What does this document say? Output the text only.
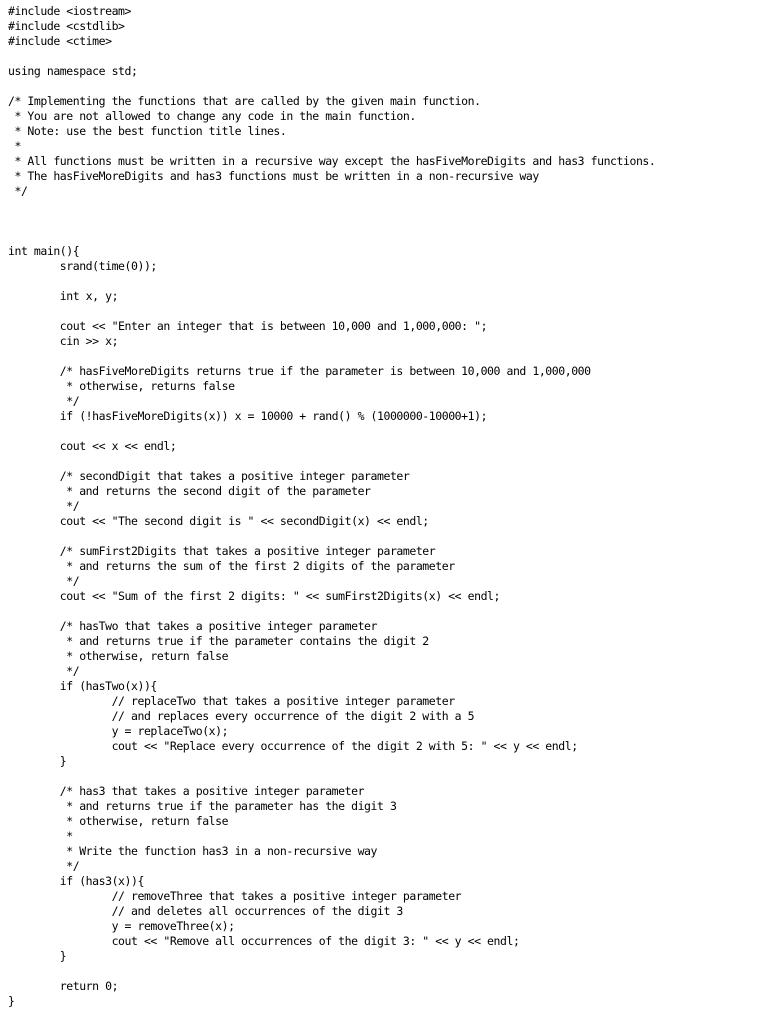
#include <iostream>
#include <cstdlib>
#include <ctime>
using namespace std;
/* Implementing the functions that are called by the given main function.
* You are not allowed to change any code in the main function.
* Note: use the best function title lines.
*
* All functions must be written in a recursive way except the hasFiveMoreDigits and has3 functions.
* The hasFiveMoreDigits and has3 functions must be written in a non-recursive way
*/
int main(){
srand(time(0));
int x, y;
cout << "Enter an integer that is between 10,000 and 1,000,000: ";
cin >> x;
/* hasFiveMoreDigits returns true if the parameter is between 10,000 and 1,000,000
* otherwise, returns false
*/
if (!hasFiveMoreDigits(x)) x = 10000 + rand() % (1000000-10000+1);
cout << x << endl;
/* secondDigit that takes a positive integer parameter
* and returns the second digit of the parameter
*/
cout << "The second digit is " << secondDigit(x) << endl;
/* sumFirst2Digits that takes a positive integer parameter
* and returns the sum of the first 2 digits of the parameter
*/
cout << "Sum of the first 2 digits: " << sumFirst2Digits(x) << endl;
/* hasTwo that takes a positive integer parameter
* and returns true if the parameter contains the digit 2
* otherwise, return false
*/
if (hasTwo(x)){
// replaceTwo that takes a positive integer parameter
// and replaces every occurrence of the digit 2 with a 5
y = replaceTwo(x);
cout << "Replace every occurrence of the digit 2 with 5: " << y << endl;
}
/* has3 that takes a positive integer parameter
* and returns true if the parameter has the digit 3
* otherwise, return false
*
* Write the function has3 in a non-recursive way
*/
if (has3(x)){
// removeThree that takes a positive integer parameter
// and deletes all occurrences of the digit 3
y = removeThree(x);
cout << "Remove all occurrences of the digit 3: " << y << endl;
}
return 0;
}
